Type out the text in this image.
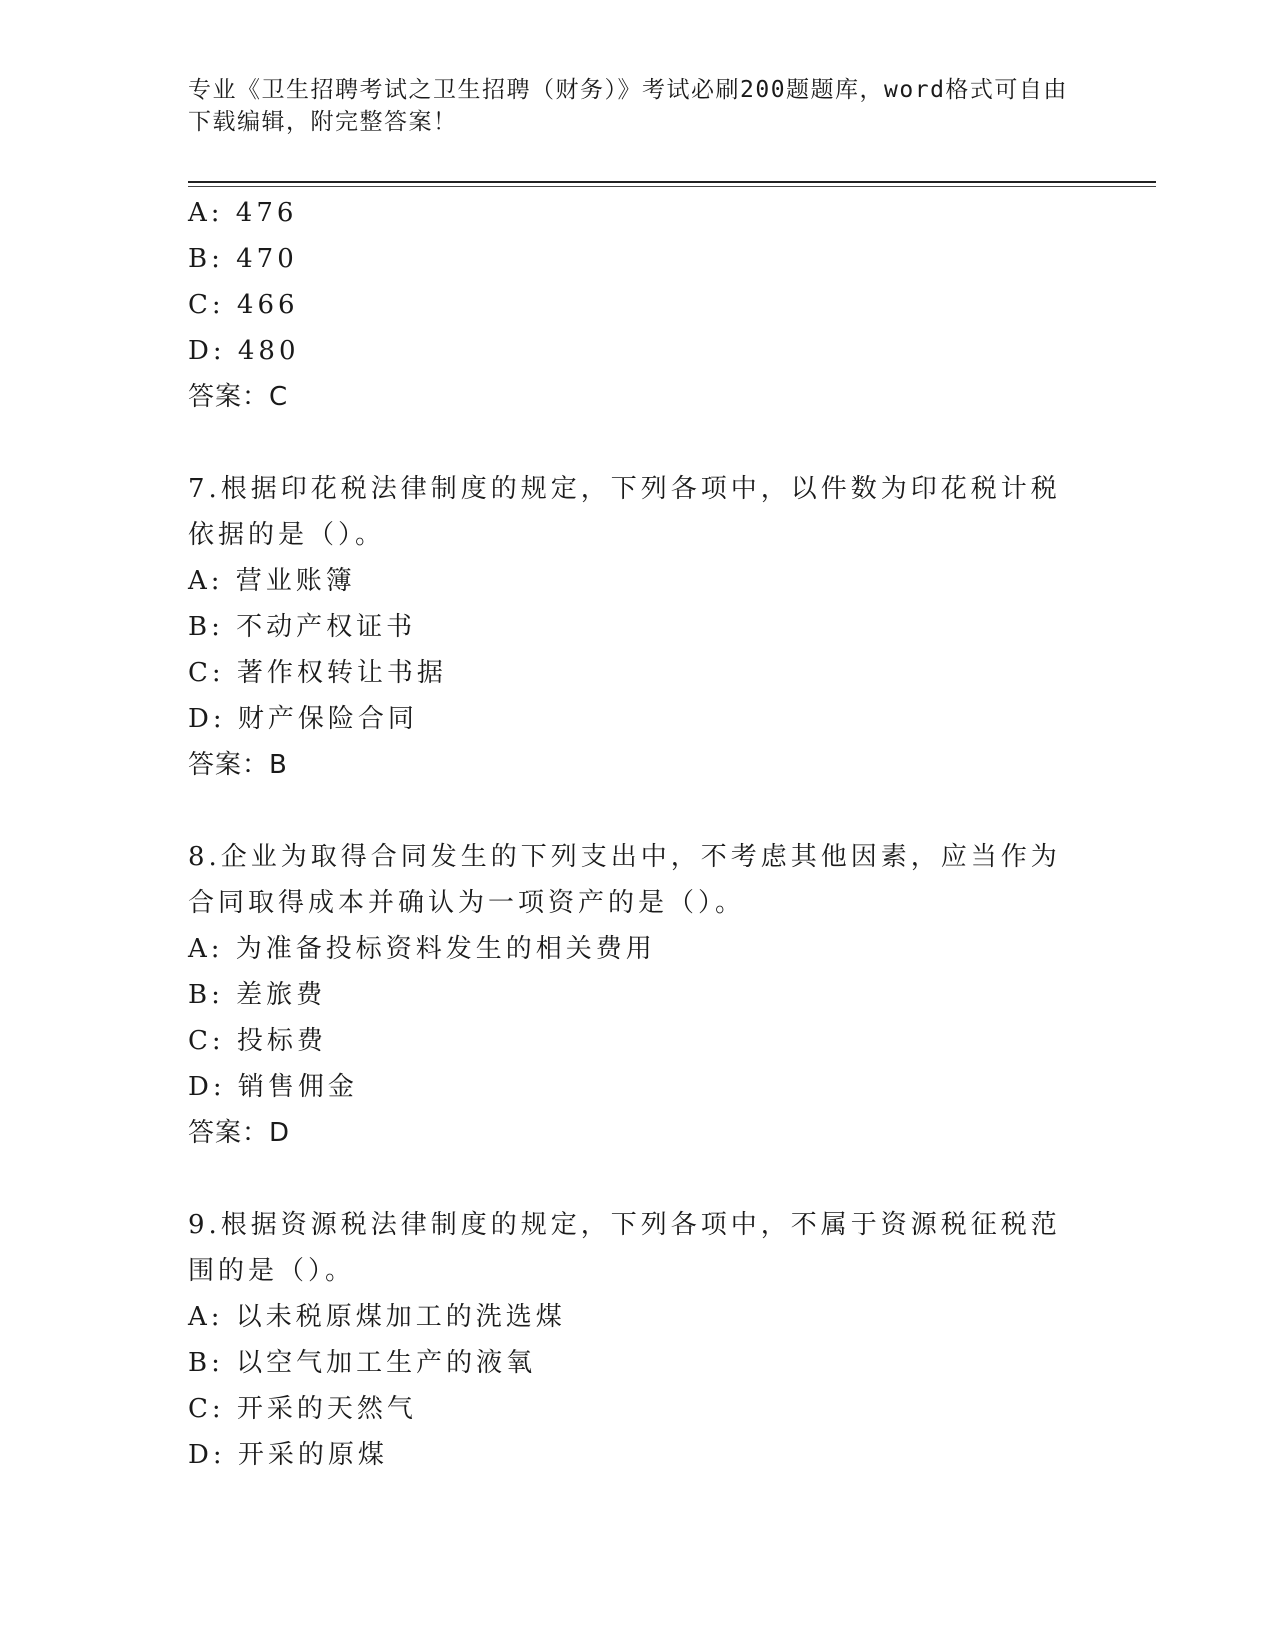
专业《卫生招聘考试之卫生招聘（财务）》考试必刷200题题库，word格式可自由下载编辑，附完整答案！
A: 476
B: 470
C: 466
D: 480
答案：C
7.根据印花税法律制度的规定，下列各项中，以件数为印花税计税依据的是（）。
A: 营业账簿
B: 不动产权证书
C: 著作权转让书据
D: 财产保险合同
答案：B
8.企业为取得合同发生的下列支出中，不考虑其他因素，应当作为合同取得成本并确认为一项资产的是（）。
A: 为准备投标资料发生的相关费用
B: 差旅费
C: 投标费
D: 销售佣金
答案：D
9.根据资源税法律制度的规定，下列各项中，不属于资源税征税范围的是（）。
A: 以未税原煤加工的洗选煤
B: 以空气加工生产的液氧
C: 开采的天然气
D: 开采的原煤
